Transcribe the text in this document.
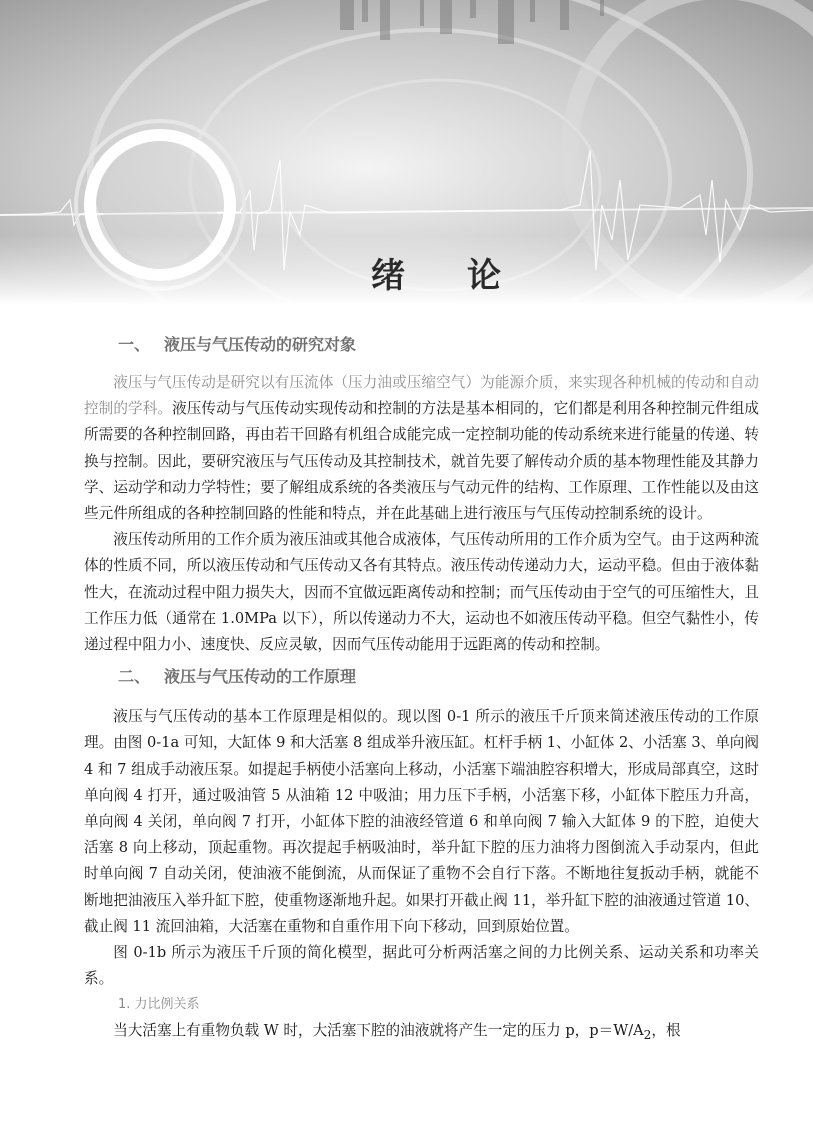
绪论
一、 液压与气压传动的研究对象

液压与气压传动是研究以有压流体（压力油或压缩空气）为能源介质，来实现各种机械的传动和自动控制的学科。液压传动与气压传动实现传动和控制的方法是基本相同的，它们都是利用各种控制元件组成所需要的各种控制回路，再由若干回路有机组合成能完成一定控制功能的传动系统来进行能量的传递、转换与控制。因此，要研究液压与气压传动及其控制技术，就首先要了解传动介质的基本物理性能及其静力学、运动学和动力学特性；要了解组成系统的各类液压与气动元件的结构、工作原理、工作性能以及由这些元件所组成的各种控制回路的性能和特点，并在此基础上进行液压与气压传动控制系统的设计。

液压传动所用的工作介质为液压油或其他合成液体，气压传动所用的工作介质为空气。由于这两种流体的性质不同，所以液压传动和气压传动又各有其特点。液压传动传递动力大，运动平稳。但由于液体黏性大，在流动过程中阻力损失大，因而不宜做远距离传动和控制；而气压传动由于空气的可压缩性大，且工作压力低（通常在 1.0MPa 以下），所以传递动力不大，运动也不如液压传动平稳。但空气黏性小，传递过程中阻力小、速度快、反应灵敏，因而气压传动能用于远距离的传动和控制。

二、 液压与气压传动的工作原理

液压与气压传动的基本工作原理是相似的。现以图 0-1 所示的液压千斤顶来简述液压传动的工作原理。由图 0-1a 可知，大缸体 9 和大活塞 8 组成举升液压缸。杠杆手柄 1、小缸体 2、小活塞 3、单向阀 4 和 7 组成手动液压泵。如提起手柄使小活塞向上移动，小活塞下端油腔容积增大，形成局部真空，这时单向阀 4 打开，通过吸油管 5 从油箱 12 中吸油；用力压下手柄，小活塞下移，小缸体下腔压力升高，单向阀 4 关闭，单向阀 7 打开，小缸体下腔的油液经管道 6 和单向阀 7 输入大缸体 9 的下腔，迫使大活塞 8 向上移动，顶起重物。再次提起手柄吸油时，举升缸下腔的压力油将力图倒流入手动泵内，但此时单向阀 7 自动关闭，使油液不能倒流，从而保证了重物不会自行下落。不断地往复扳动手柄，就能不断地把油液压入举升缸下腔，使重物逐渐地升起。如果打开截止阀 11，举升缸下腔的油液通过管道 10、截止阀 11 流回油箱，大活塞在重物和自重作用下向下移动，回到原始位置。

图 0-1b 所示为液压千斤顶的简化模型，据此可分析两活塞之间的力比例关系、运动关系和功率关系。

1. 力比例关系

当大活塞上有重物负载 W 时，大活塞下腔的油液就将产生一定的压力 p，$p=W/A_2$，根
